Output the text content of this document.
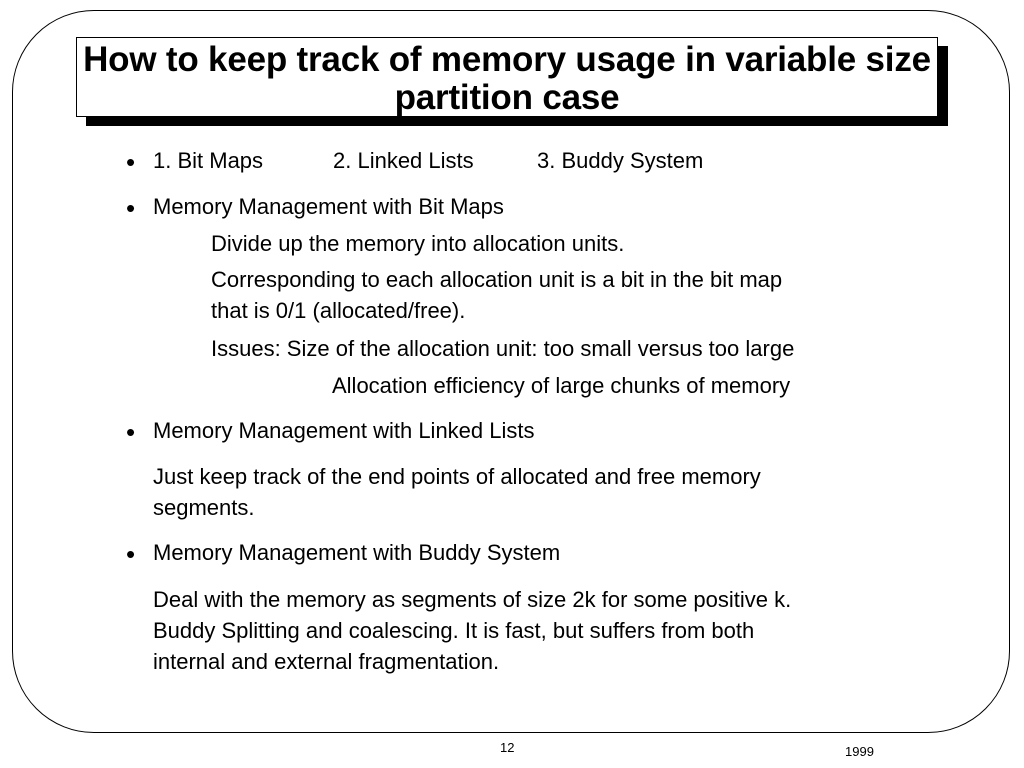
How to keep track of memory usage in variable size partition case

• 1. Bit Maps	2. Linked Lists	3. Buddy System
• Memory Management with Bit Maps
Divide up the memory into allocation units.
Corresponding to each allocation unit is a bit in the bit map
that is 0/1 (allocated/free).
Issues: Size of the allocation unit: too small versus too large
Allocation efficiency of large chunks of memory
• Memory Management with Linked Lists
Just keep track of the end points of allocated and free memory
segments.
• Memory Management with Buddy System
Deal with the memory as segments of size 2k for some positive k.
Buddy Splitting and coalescing. It is fast, but suffers from both
internal and external fragmentation.
12	1999
